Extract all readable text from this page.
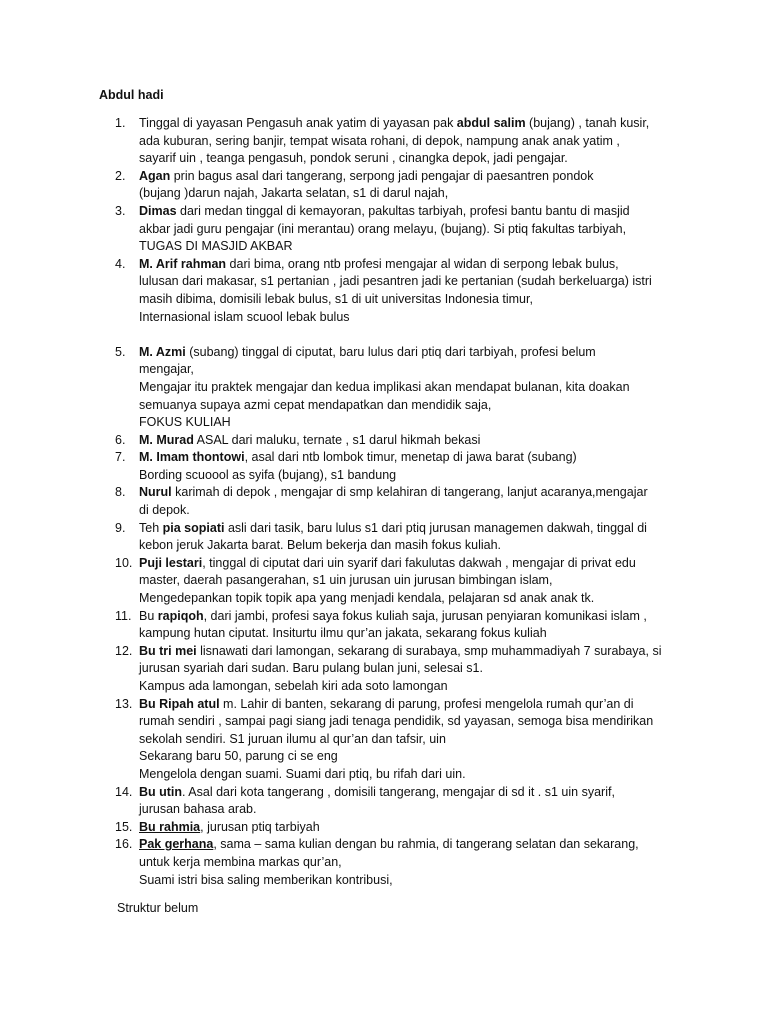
Abdul hadi
1. Tinggal di yayasan Pengasuh anak yatim di yayasan pak abdul salim (bujang) , tanah kusir,

ada kuburan, sering banjir, tempat wisata rohani, di depok, nampung anak anak yatim ,

sayarif uin , teanga pengasuh, pondok seruni , cinangka depok, jadi pengajar.

2. Agan prin bagus asal dari tangerang, serpong jadi pengajar di paesantren pondok

(bujang )darun najah, Jakarta selatan, s1 di darul najah,

3. Dimas dari medan tinggal di kemayoran, pakultas tarbiyah, profesi bantu bantu di masjid

akbar jadi guru pengajar (ini merantau) orang melayu, (bujang). Si ptiq fakultas tarbiyah,

TUGAS DI MASJID AKBAR

4. M. Arif rahman dari bima, orang ntb profesi mengajar al widan di serpong lebak bulus,

lulusan dari makasar, s1 pertanian , jadi pesantren jadi ke pertanian (sudah berkeluarga) istri

masih dibima, domisili lebak bulus, s1 di uit universitas Indonesia timur,

Internasional islam scuool lebak bulus

5. M. Azmi (subang) tinggal di ciputat, baru lulus dari ptiq dari tarbiyah, profesi belum

mengajar,

Mengajar itu praktek mengajar dan kedua implikasi akan mendapat bulanan, kita doakan

semuanya supaya azmi cepat mendapatkan dan mendidik saja,

FOKUS KULIAH

6. M. Murad ASAL dari maluku, ternate , s1 darul hikmah bekasi

7. M. Imam thontowi, asal dari ntb lombok timur, menetap di jawa barat (subang)

Bording scuoool as syifa (bujang), s1 bandung

8. Nurul karimah di depok , mengajar di smp kelahiran di tangerang, lanjut acaranya,mengajar

di depok.

9. Teh pia sopiati asli dari tasik, baru lulus s1 dari ptiq jurusan managemen dakwah, tinggal di

kebon jeruk Jakarta barat. Belum bekerja dan masih fokus kuliah.

10. Puji lestari, tinggal di ciputat dari uin syarif dari fakulutas dakwah , mengajar di privat edu

master, daerah pasangerahan, s1 uin jurusan uin jurusan bimbingan islam,

Mengedepankan topik topik apa yang menjadi kendala, pelajaran sd anak anak tk.

11. Bu rapiqoh, dari jambi, profesi saya fokus kuliah saja, jurusan penyiaran komunikasi islam ,

kampung hutan ciputat. Insiturtu ilmu qur’an jakata, sekarang fokus kuliah

12. Bu tri mei lisnawati dari lamongan, sekarang di surabaya, smp muhammadiyah 7 surabaya, si

jurusan syariah dari sudan. Baru pulang bulan juni, selesai s1.

Kampus ada lamongan, sebelah kiri ada soto lamongan

13. Bu Ripah atul m. Lahir di banten, sekarang di parung, profesi mengelola rumah qur’an di

rumah sendiri , sampai pagi siang jadi tenaga pendidik, sd yayasan, semoga bisa mendirikan

sekolah sendiri. S1 juruan ilumu al qur’an dan tafsir, uin

Sekarang baru 50, parung ci se eng

Mengelola dengan suami. Suami dari ptiq, bu rifah dari uin.

14. Bu utin. Asal dari kota tangerang , domisili tangerang, mengajar di sd it . s1 uin syarif,

jurusan bahasa arab.

15. Bu rahmia, jurusan ptiq tarbiyah

16. Pak gerhana, sama – sama kulian dengan bu rahmia, di tangerang selatan dan sekarang,

untuk kerja membina markas qur’an,

Suami istri bisa saling memberikan kontribusi,

Struktur belum
